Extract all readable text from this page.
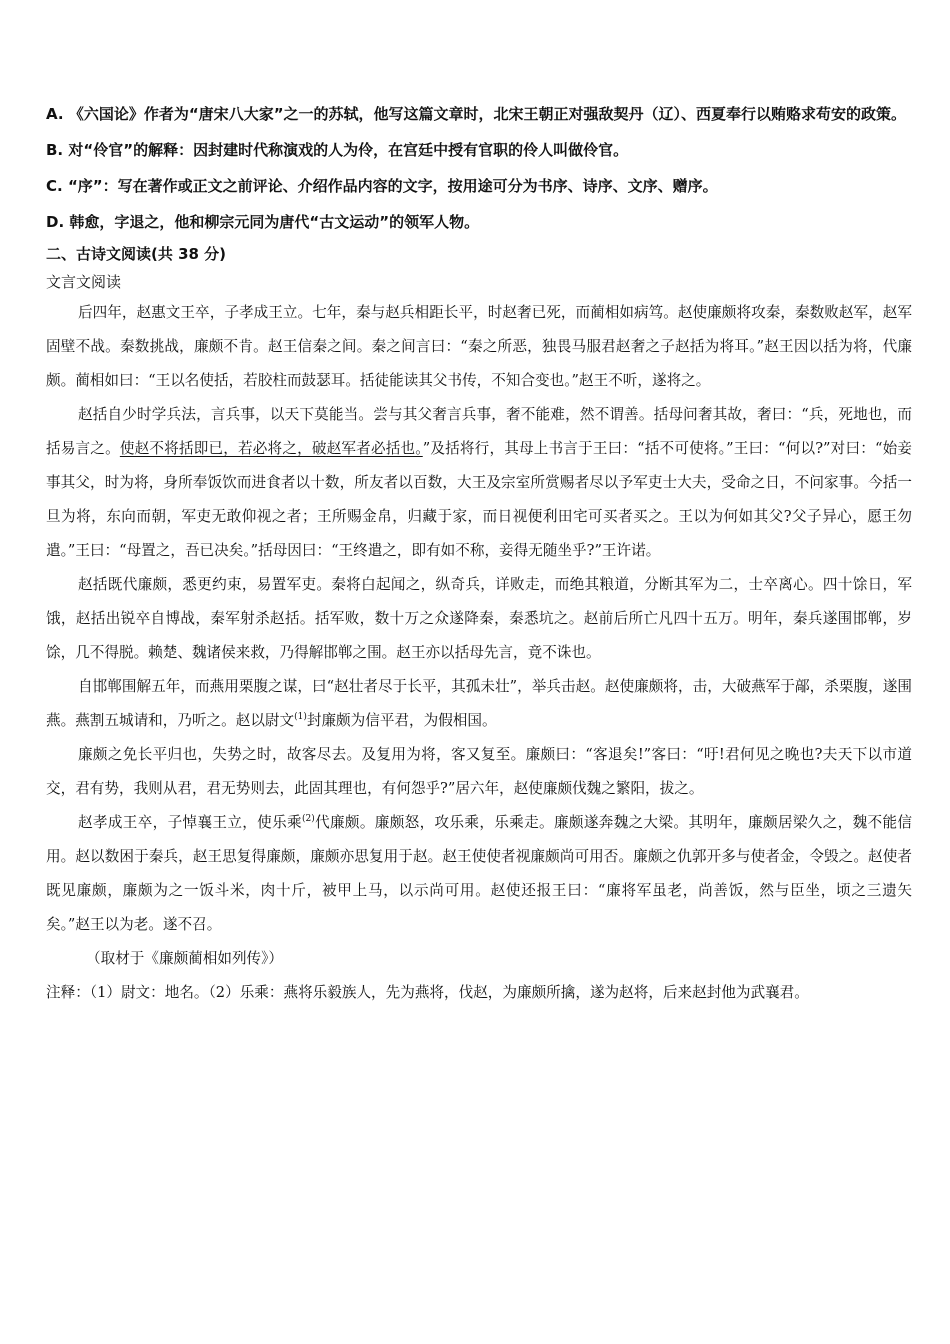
A. 《六国论》作者为“唐宋八大家”之一的苏轼，他写这篇文章时，北宋王朝正对强敌契丹（辽）、西夏奉行以贿赂求苟安的政策。

B. 对“伶官”的解释：因封建时代称演戏的人为伶，在宫廷中授有官职的伶人叫做伶官。

C. “序”：写在著作或正文之前评论、介绍作品内容的文字，按用途可分为书序、诗序、文序、赠序。

D. 韩愈，字退之，他和柳宗元同为唐代“古文运动”的领军人物。

二、古诗文阅读(共 38 分)

文言文阅读

后四年，赵惠文王卒，子孝成王立。七年，秦与赵兵相距长平，时赵奢已死，而蔺相如病笃。赵使廉颇将攻秦，秦数败赵军，赵军固壁不战。秦数挑战，廉颇不肯。赵王信秦之间。秦之间言曰：“秦之所恶，独畏马服君赵奢之子赵括为将耳。”赵王因以括为将，代廉颇。蔺相如曰：“王以名使括，若胶柱而鼓瑟耳。括徒能读其父书传，不知合变也。”赵王不听，遂将之。

赵括自少时学兵法，言兵事，以天下莫能当。尝与其父奢言兵事，奢不能难，然不谓善。括母问奢其故，奢曰：“兵，死地也，而括易言之。使赵不将括即已，若必将之，破赵军者必括也。”及括将行，其母上书言于王曰：“括不可使将。”王曰：“何以?”对曰：“始妾事其父，时为将，身所奉饭饮而进食者以十数，所友者以百数，大王及宗室所赏赐者尽以予军吏士大夫，受命之日，不问家事。今括一旦为将，东向而朝，军吏无敢仰视之者；王所赐金帛，归藏于家，而日视便利田宅可买者买之。王以为何如其父?父子异心，愿王勿遣。”王曰：“母置之，吾已决矣。”括母因曰：“王终遣之，即有如不称，妾得无随坐乎?”王许诺。

赵括既代廉颇，悉更约束，易置军吏。秦将白起闻之，纵奇兵，详败走，而绝其粮道，分断其军为二，士卒离心。四十馀日，军饿，赵括出锐卒自博战，秦军射杀赵括。括军败，数十万之众遂降秦，秦悉坑之。赵前后所亡凡四十五万。明年，秦兵遂围邯郸，岁馀，几不得脱。赖楚、魏诸侯来救，乃得解邯郸之围。赵王亦以括母先言，竟不诛也。

自邯郸围解五年，而燕用栗腹之谋，曰“赵壮者尽于长平，其孤未壮”，举兵击赵。赵使廉颇将，击，大破燕军于鄗，杀栗腹，遂围燕。燕割五城请和，乃听之。赵以尉文$^{(1)}$封廉颇为信平君，为假相国。

廉颇之免长平归也，失势之时，故客尽去。及复用为将，客又复至。廉颇曰：“客退矣!”客曰：“吁!君何见之晚也?夫天下以市道交，君有势，我则从君，君无势则去，此固其理也，有何怨乎?”居六年，赵使廉颇伐魏之繁阳，拔之。

赵孝成王卒，子悼襄王立，使乐乘$^{(2)}$代廉颇。廉颇怒，攻乐乘，乐乘走。廉颇遂奔魏之大梁。其明年，廉颇居梁久之，魏不能信用。赵以数困于秦兵，赵王思复得廉颇，廉颇亦思复用于赵。赵王使使者视廉颇尚可用否。廉颇之仇郭开多与使者金，令毁之。赵使者既见廉颇，廉颇为之一饭斗米，肉十斤，被甲上马，以示尚可用。赵使还报王曰：“廉将军虽老，尚善饭，然与臣坐，顷之三遗矢矣。”赵王以为老。遂不召。

（取材于《廉颇蔺相如列传》）

注释：（1）尉文：地名。（2）乐乘：燕将乐毅族人，先为燕将，伐赵，为廉颇所擒，遂为赵将，后来赵封他为武襄君。
